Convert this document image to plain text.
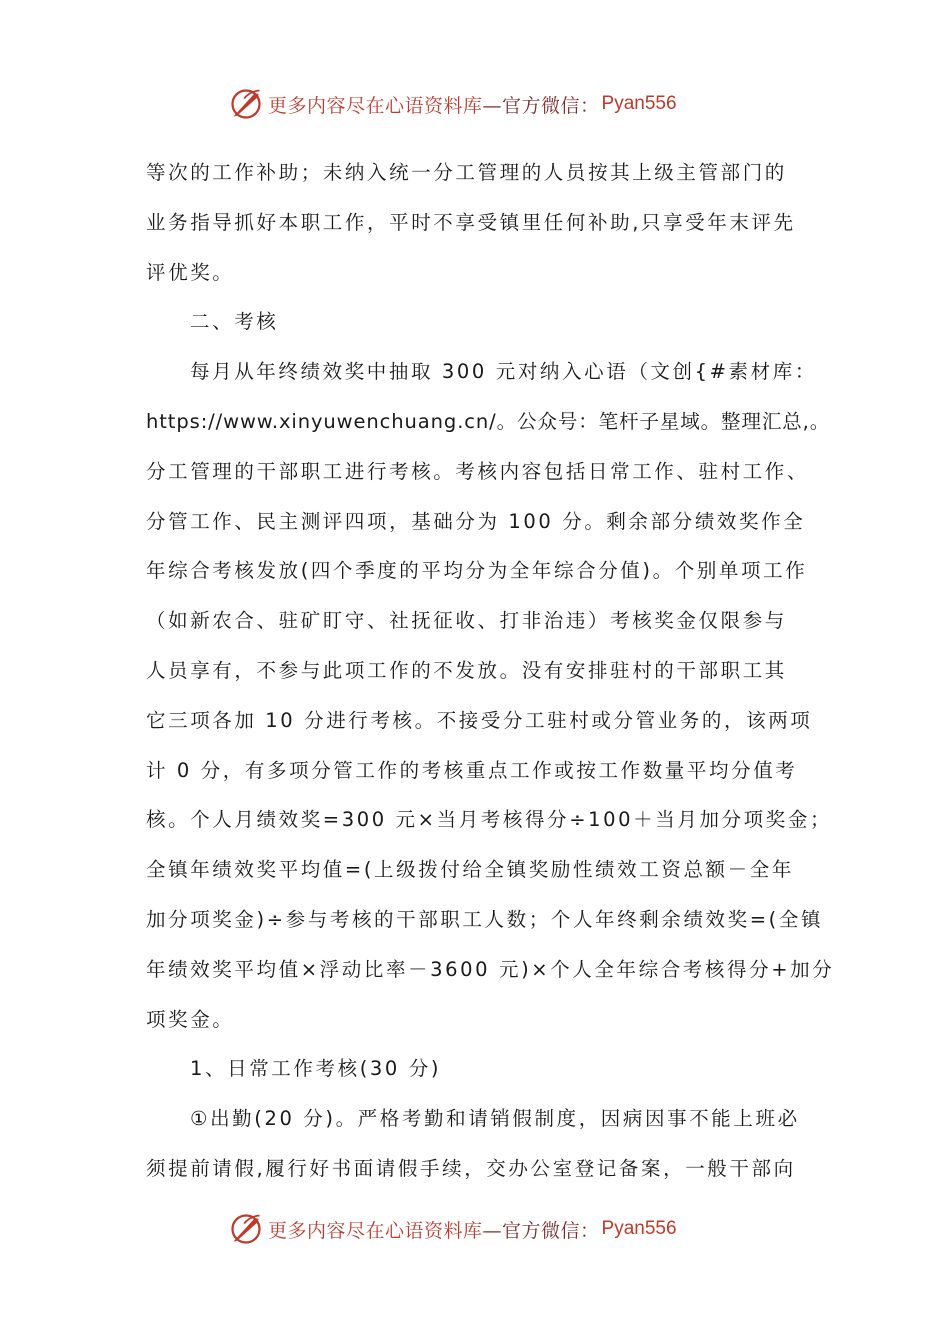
更多内容尽在心语资料库 —官方微信： Pyan556
等次的工作补助；未纳入统一分工管理的人员按其上级主管部门的
业务指导抓好本职工作，平时不享受镇里任何补助,只享受年末评先
评优奖。
二、考核
每月从年终绩效奖中抽取 300 元对纳入心语（文创{#素材库：
https://www.xinyuwenchuang.cn/。公众号：笔杆子星域。整理汇总,。
分工管理的干部职工进行考核。考核内容包括日常工作、驻村工作、
分管工作、民主测评四项，基础分为 100 分。剩余部分绩效奖作全
年综合考核发放(四个季度的平均分为全年综合分值)。个别单项工作
（如新农合、驻矿盯守、社抚征收、打非治违）考核奖金仅限参与
人员享有，不参与此项工作的不发放。没有安排驻村的干部职工其
它三项各加 10 分进行考核。不接受分工驻村或分管业务的，该两项
计 0 分，有多项分管工作的考核重点工作或按工作数量平均分值考
核。个人月绩效奖=300 元×当月考核得分÷100＋当月加分项奖金；
全镇年绩效奖平均值=(上级拨付给全镇奖励性绩效工资总额－全年
加分项奖金)÷参与考核的干部职工人数；个人年终剩余绩效奖=(全镇
年绩效奖平均值×浮动比率－3600 元)×个人全年综合考核得分+加分
项奖金。
1、日常工作考核(30 分)
①出勤(20 分)。严格考勤和请销假制度，因病因事不能上班必
须提前请假,履行好书面请假手续，交办公室登记备案，一般干部向
更多内容尽在心语资料库 —官方微信： Pyan556
